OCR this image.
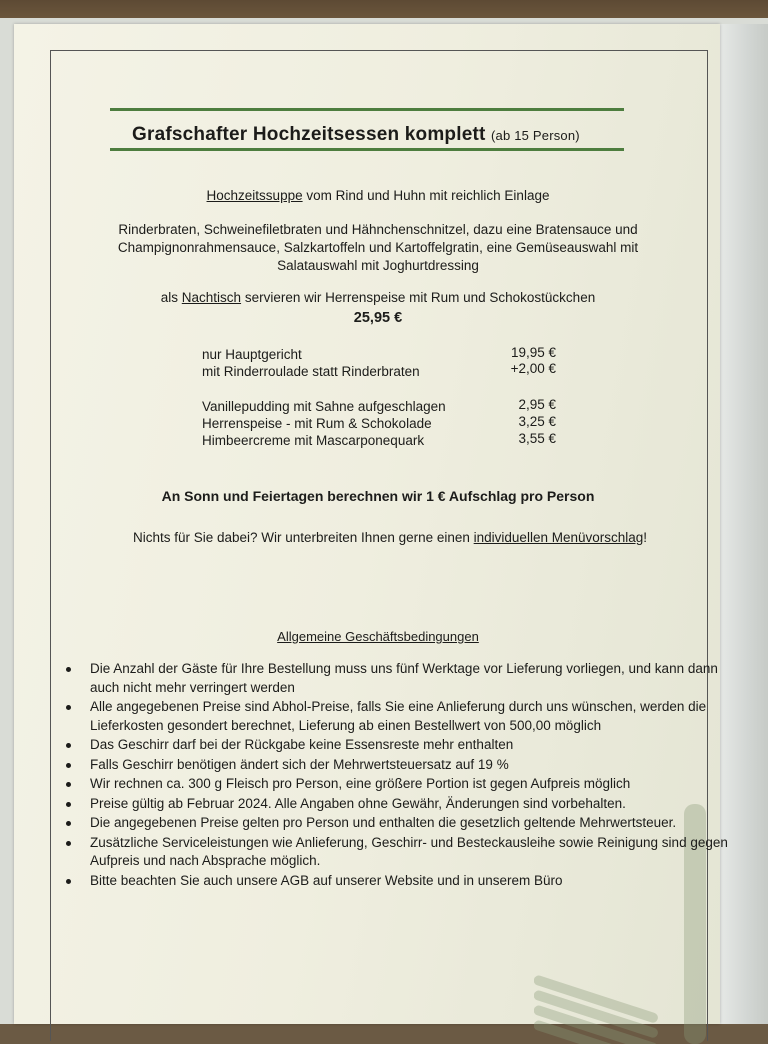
Grafschafter Hochzeitsessen komplett (ab 15 Person)
Hochzeitssuppe vom Rind und Huhn mit reichlich Einlage
Rinderbraten, Schweinefiletbraten und Hähnchenschnitzel, dazu eine Bratensauce und
Champignonrahmensauce, Salzkartoffeln und Kartoffelgratin, eine Gemüseauswahl mit
Salatauswahl mit Joghurtdressing
als Nachtisch servieren wir Herrenspeise mit Rum und Schokostückchen
25,95 €
nur Hauptgericht	19,95 €
mit Rinderroulade statt Rinderbraten	+2,00 €
Vanillepudding mit Sahne aufgeschlagen	2,95 €
Herrenspeise - mit Rum & Schokolade	3,25 €
Himbeercreme mit Mascarponequark	3,55 €
An Sonn und Feiertagen berechnen wir 1 € Aufschlag pro Person
Nichts für Sie dabei? Wir unterbreiten Ihnen gerne einen individuellen Menüvorschlag!
Allgemeine Geschäftsbedingungen
Die Anzahl der Gäste für Ihre Bestellung muss uns fünf Werktage vor Lieferung vorliegen, und kann dann auch nicht mehr verringert werden
Alle angegebenen Preise sind Abhol-Preise, falls Sie eine Anlieferung durch uns wünschen, werden die Lieferkosten gesondert berechnet, Lieferung ab einen Bestellwert von 500,00 möglich
Das Geschirr darf bei der Rückgabe keine Essensreste mehr enthalten
Falls Geschirr benötigen ändert sich der Mehrwertsteuersatz auf 19 %
Wir rechnen ca. 300 g Fleisch pro Person, eine größere Portion ist gegen Aufpreis möglich
Preise gültig ab Februar 2024. Alle Angaben ohne Gewähr, Änderungen sind vorbehalten.
Die angegebenen Preise gelten pro Person und enthalten die gesetzlich geltende Mehrwertsteuer.
Zusätzliche Serviceleistungen wie Anlieferung, Geschirr- und Besteckausleihe sowie Reinigung sind gegen Aufpreis und nach Absprache möglich.
Bitte beachten Sie auch unsere AGB auf unserer Website und in unserem Büro
